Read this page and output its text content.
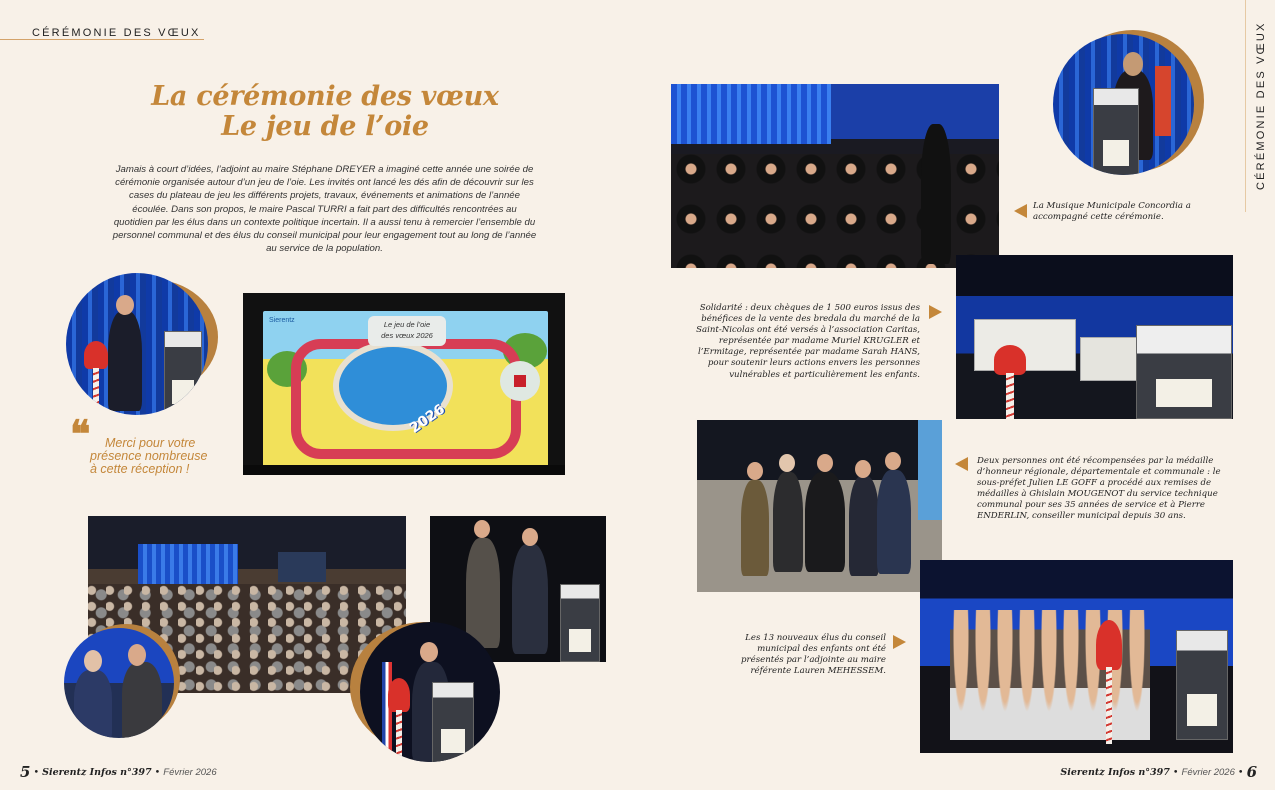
CÉRÉMONIE DES VŒUX	CÉRÉMONIE DES VŒUX
La cérémonie des vœux
Le jeu de l’oie

Jamais à court d’idées, l’adjoint au maire Stéphane DREYER a imaginé cette année une soirée de cérémonie organisée autour d’un jeu de l’oie. Les invités ont lancé les dés afin de découvrir sur les cases du plateau de jeu les différents projets, travaux, événements et animations de l’année écoulée. Dans son propos, le maire Pascal TURRI a fait part des difficultés rencontrées au quotidien par les élus dans un contexte politique incertain. Il a aussi tenu à remercier l’ensemble du personnel communal et des élus du conseil municipal pour leur engagement tout au long de l’année au service de la population.

❝	Merci pour votre
présence nombreuse
à cette réception !

Sierentz	Le jeu de l’oie
des vœux 2026
2026

La Musique Municipale Concordia a accompagné cette cérémonie.

Solidarité : deux chèques de 1 500 euros issus des bénéfices de la vente des bredala du marché de la Saint-Nicolas ont été versés à l’association Caritas, représentée par madame Muriel KRUGLER et l’Ermitage, représentée par madame Sarah HANS, pour soutenir leurs actions envers les personnes vulnérables et particulièrement les enfants.

Deux personnes ont été récompensées par la médaille d’honneur régionale, départementale et communale : le sous-préfet Julien LE GOFF a procédé aux remises de médailles à Ghislain MOUGENOT du service technique communal pour ses 35 années de service et à Pierre ENDERLIN, conseiller municipal depuis 30 ans.

Les 13 nouveaux élus du conseil municipal des enfants ont été présentés par l’adjointe au maire référente Lauren MEHESSEM.

5 • Sierentz Infos n°397 • Février 2026	Sierentz Infos n°397 • Février 2026 • 6
